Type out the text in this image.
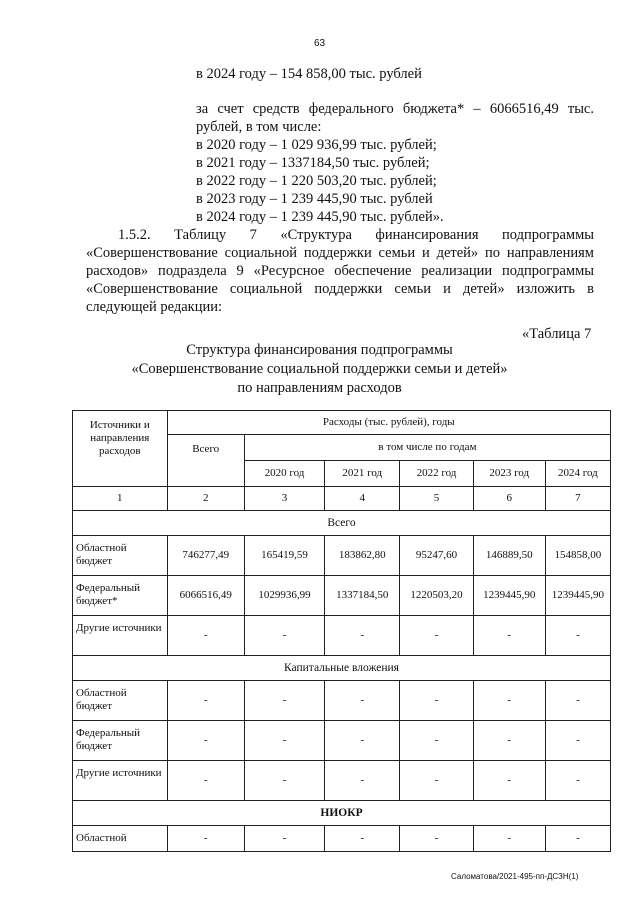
63
в 2024 году – 154 858,00 тыс. рублей
за счет средств федерального бюджета* – 6066516,49 тыс.
рублей, в том числе:
в 2020 году – 1 029 936,99 тыс. рублей;
в 2021 году – 1337184,50 тыс. рублей;
в 2022 году – 1 220 503,20 тыс. рублей;
в 2023 году – 1 239 445,90 тыс. рублей
в 2024 году – 1 239 445,90 тыс. рублей».
1.5.2. Таблицу 7 «Структура финансирования подпрограммы
«Совершенствование социальной поддержки семьи и детей» по направлениям
расходов» подраздела 9 «Ресурсное обеспечение реализации подпрограммы
«Совершенствование социальной поддержки семьи и детей» изложить в
следующей редакции:
«Таблица 7
Структура финансирования подпрограммы
«Совершенствование социальной поддержки семьи и детей»
по направлениям расходов
Источники и направления расходов	Расходы (тыс. рублей), годы					
	Всего	в том числе по годам				
		2020 год	2021 год	2022 год	2023 год	2024 год
1	2	3	4	5	6	7
Всего						
Областной бюджет	746277,49	165419,59	183862,80	95247,60	146889,50	154858,00
Федеральный бюджет*	6066516,49	1029936,99	1337184,50	1220503,20	1239445,90	1239445,90
Другие источники	-	-	-	-	-	-
Капитальные вложения						
Областной бюджет	-	-	-	-	-	-
Федеральный бюджет	-	-	-	-	-	-
Другие источники	-	-	-	-	-	-
НИОКР						
Областной	-	-	-	-	-	-
Саломатова/2021-495-пп-ДСЗН(1)
